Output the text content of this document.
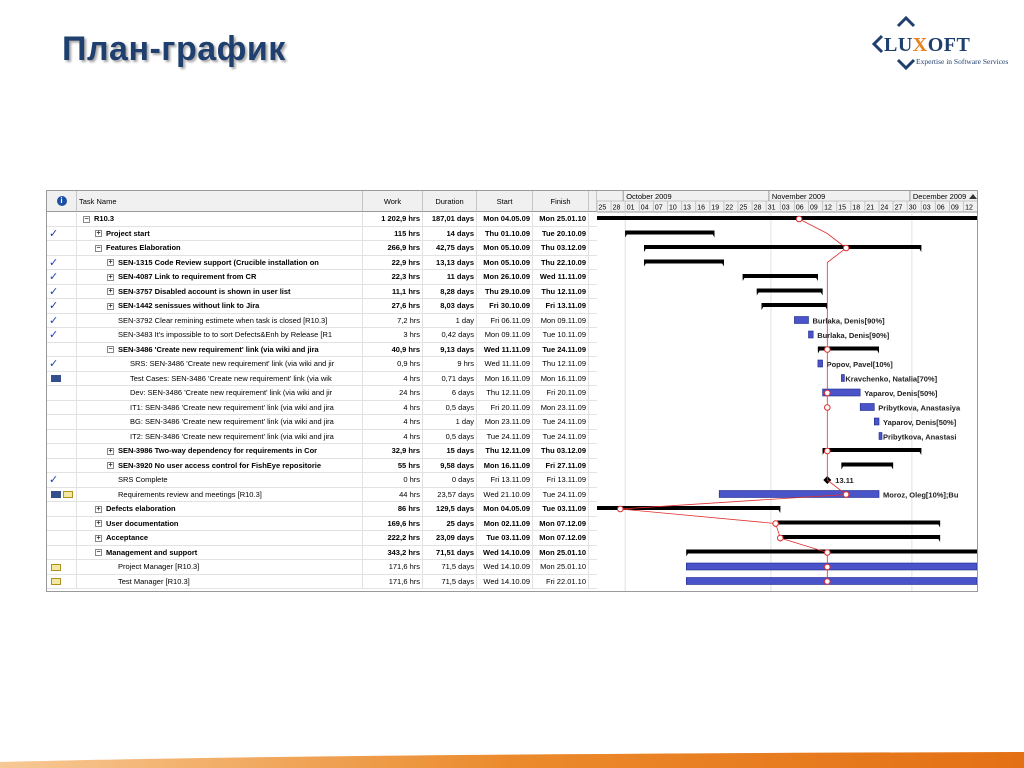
План-график	LUXOFT
Expertise in Software Services
i	Task Name	Work	Duration	Start	Finish
− R10.3	1 202,9 hrs	187,01 days	Mon 04.05.09	Mon 25.01.10
✓	+ Project start	115 hrs	14 days	Thu 01.10.09	Tue 20.10.09
− Features Elaboration	266,9 hrs	42,75 days	Mon 05.10.09	Thu 03.12.09
✓	+ SEN-1315 Code Review support (Crucible installation on	22,9 hrs	13,13 days	Mon 05.10.09	Thu 22.10.09
✓	+ SEN-4087 Link to requirement from CR	22,3 hrs	11 days	Mon 26.10.09	Wed 11.11.09
✓	+ SEN-3757 Disabled account is shown in user list	11,1 hrs	8,28 days	Thu 29.10.09	Thu 12.11.09
✓	+ SEN-1442 senissues without link to Jira	27,6 hrs	8,03 days	Fri 30.10.09	Fri 13.11.09
✓	SEN-3792 Clear remining estimete when task is closed [R10.3]	7,2 hrs	1 day	Fri 06.11.09	Mon 09.11.09
✓	SEN-3483 It's impossible to to sort Defects&Enh by Release [R1	3 hrs	0,42 days	Mon 09.11.09	Tue 10.11.09
− SEN-3486 'Create new requirement' link (via wiki and jira	40,9 hrs	9,13 days	Wed 11.11.09	Tue 24.11.09
✓	SRS: SEN-3486 'Create new requirement' link (via wiki and jir	0,9 hrs	9 hrs	Wed 11.11.09	Thu 12.11.09
Test Cases: SEN-3486 'Create new requirement' link (via wik	4 hrs	0,71 days	Mon 16.11.09	Mon 16.11.09
Dev: SEN-3486 'Create new requirement' link (via wiki and jir	24 hrs	6 days	Thu 12.11.09	Fri 20.11.09
IT1: SEN-3486 'Create new requirement' link (via wiki and jira	4 hrs	0,5 days	Fri 20.11.09	Mon 23.11.09
BG: SEN-3486 'Create new requirement' link (via wiki and jira	4 hrs	1 day	Mon 23.11.09	Tue 24.11.09
IT2: SEN-3486 'Create new requirement' link (via wiki and jira	4 hrs	0,5 days	Tue 24.11.09	Tue 24.11.09
+ SEN-3986 Two-way dependency for requirements in Cor	32,9 hrs	15 days	Thu 12.11.09	Thu 03.12.09
+ SEN-3920 No user access control for FishEye repositorie	55 hrs	9,58 days	Mon 16.11.09	Fri 27.11.09
✓	SRS Complete	0 hrs	0 days	Fri 13.11.09	Fri 13.11.09
Requirements review and meetings [R10.3]	44 hrs	23,57 days	Wed 21.10.09	Tue 24.11.09
+ Defects elaboration	86 hrs	129,5 days	Mon 04.05.09	Tue 03.11.09
+ User documentation	169,6 hrs	25 days	Mon 02.11.09	Mon 07.12.09
+ Acceptance	222,2 hrs	23,09 days	Tue 03.11.09	Mon 07.12.09
− Management and support	343,2 hrs	71,51 days	Wed 14.10.09	Mon 25.01.10
Project Manager [R10.3]	171,6 hrs	71,5 days	Wed 14.10.09	Mon 25.01.10
Test Manager [R10.3]	171,6 hrs	71,5 days	Wed 14.10.09	Fri 22.01.10
October 2009	November 2009	December 2009
25 28 01 04 07 10 13 16 19 22 25 28 31 03 06 09 12 15 18 21 24 27 30 03 06 09 12
Burlaka, Denis[90%]
Burlaka, Denis[90%]
Popov, Pavel[10%]
Kravchenko, Natalia[70%]
Yaparov, Denis[50%]
Pribytkova, Anastasiya
Yaparov, Denis[50%]
Pribytkova, Anastasi
13.11
Moroz, Oleg[10%];Bu
